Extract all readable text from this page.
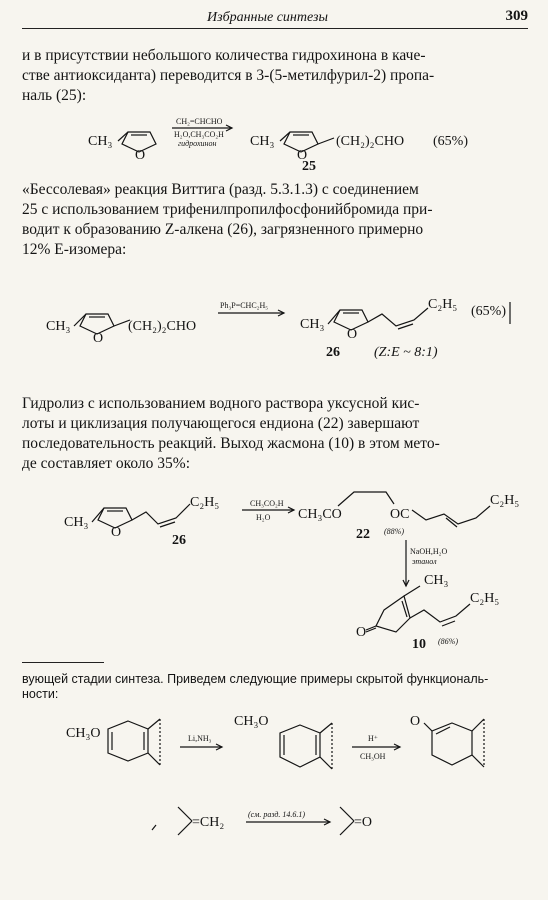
Избранные синтезы	309
и в присутствии небольшого количества гидрохинона в каче-
стве антиоксиданта) переводится в 3-(5-метилфурил-2) пропа-
наль (25):
CH₃
O
CH₂=CHCHO
H₂O,CH₃CO₂H
гидрохинон CH₃
O
(CH₂)₂CHO (65%)
25
«Бессолевая» реакция Виттига (разд. 5.3.1.3) с соединением
25 с использованием трифенилпропилфосфонийбромида при-
водит к образованию Z-алкена (26), загрязненного примерно
12% E-изомера:
CH₃
O
(CH₂)₂CHO
Ph₃P=CHC₂H₅
CH₃
O
C₂H₅ (65%)
26 (Z:E ~ 8:1)
Гидролиз с использованием водного раствора уксусной кис-
лоты и циклизация получающегося ендиона (22) завершают
последовательность реакций. Выход жасмона (10) в этом мето-
де составляет около 35%:
CH₃
O
C₂H₅
26
CH₃CO₂H
H₂O CH₃CO	OC
C₂H₅
22 (88%)
NaOH,H₂O
этанол
CH₃
C₂H₅
O
10 (86%)
вующей стадии синтеза. Приведем следующие примеры скрытой функциональ-
ности:
CH₃O	Li,NH₃
CH₃O
H⁺
CH₃OH
O
=CH₂
(см. разд. 14.6.1)
=O
